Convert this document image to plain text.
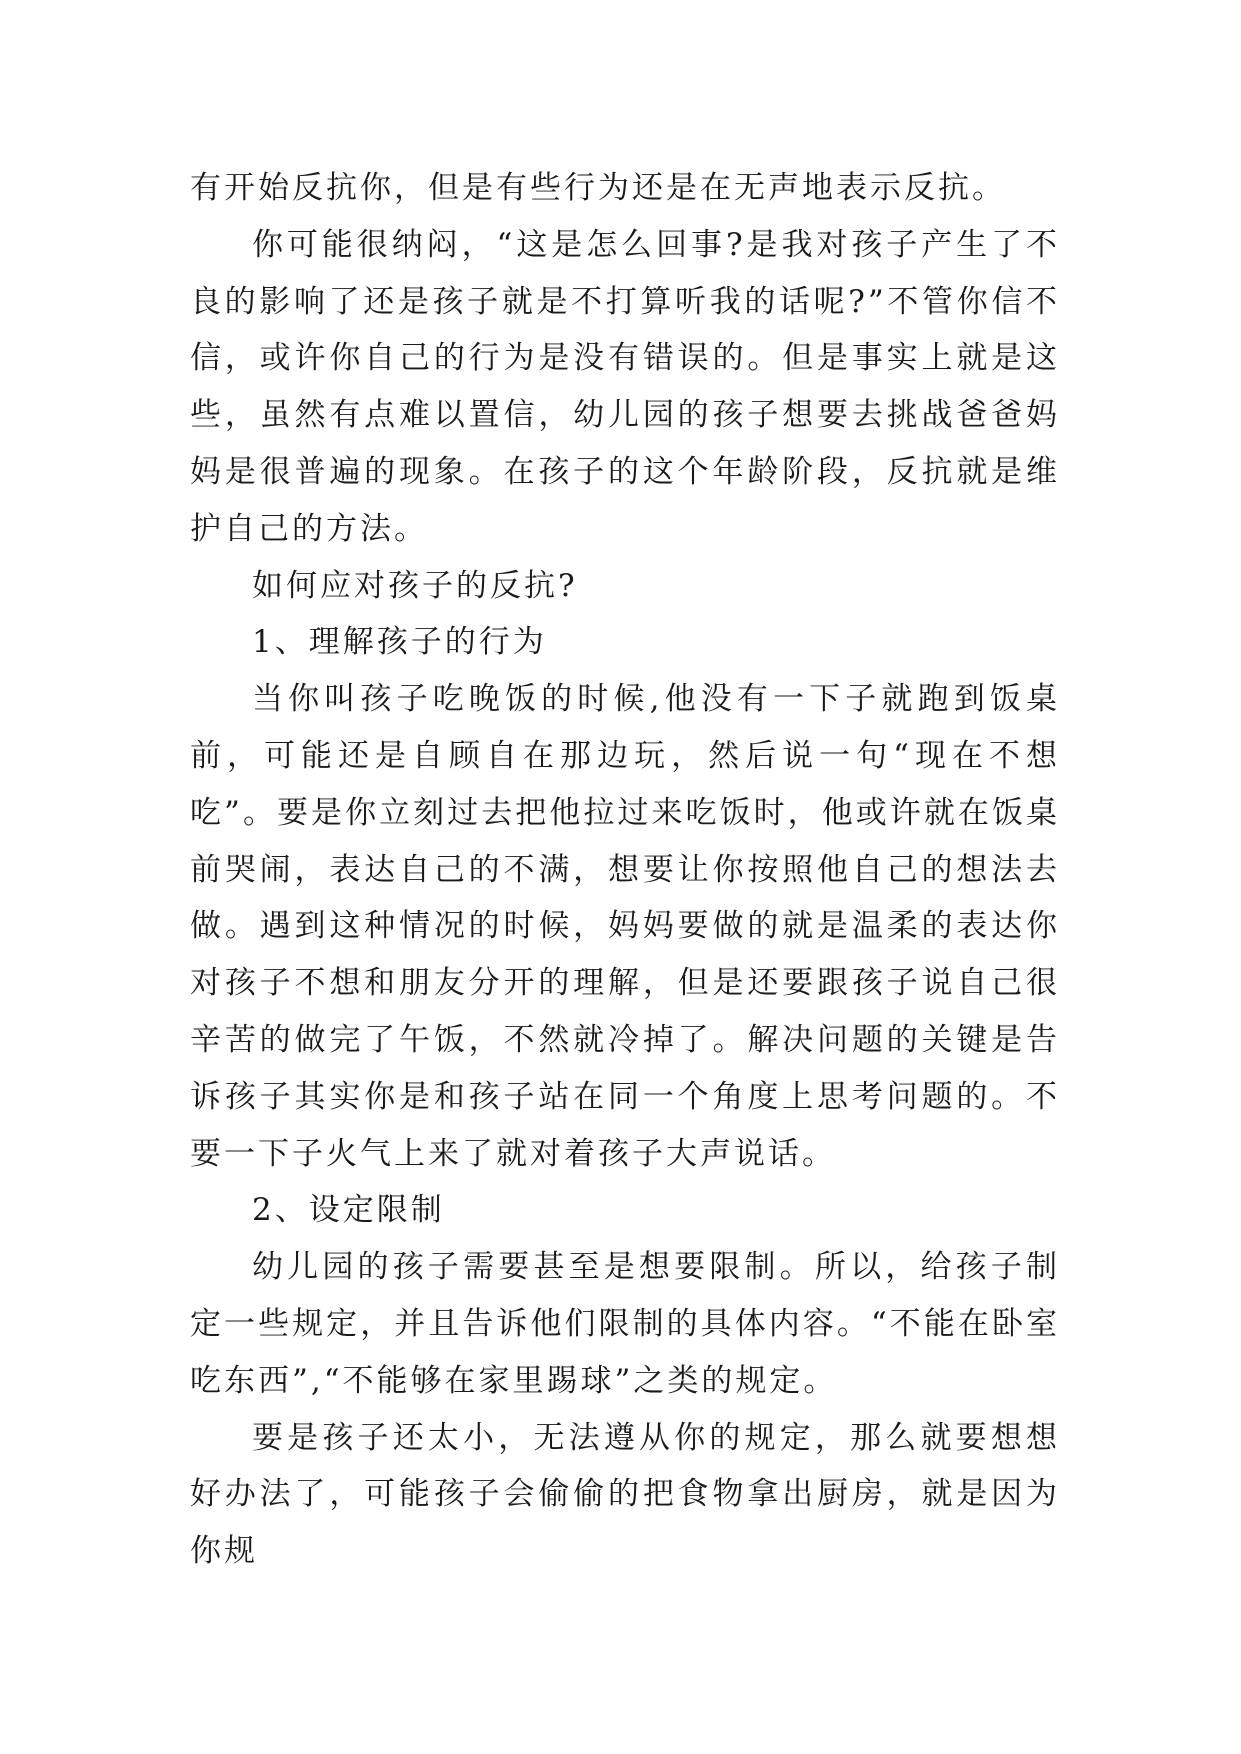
有开始反抗你，但是有些行为还是在无声地表示反抗。

你可能很纳闷，“这是怎么回事?是我对孩子产生了不良的影响了还是孩子就是不打算听我的话呢?”不管你信不信，或许你自己的行为是没有错误的。但是事实上就是这些，虽然有点难以置信，幼儿园的孩子想要去挑战爸爸妈妈是很普遍的现象。在孩子的这个年龄阶段，反抗就是维护自己的方法。

如何应对孩子的反抗?

1、理解孩子的行为

当你叫孩子吃晚饭的时候,他没有一下子就跑到饭桌前，可能还是自顾自在那边玩，然后说一句“现在不想吃”。要是你立刻过去把他拉过来吃饭时，他或许就在饭桌前哭闹，表达自己的不满，想要让你按照他自己的想法去做。遇到这种情况的时候，妈妈要做的就是温柔的表达你对孩子不想和朋友分开的理解，但是还要跟孩子说自己很辛苦的做完了午饭，不然就冷掉了。解决问题的关键是告诉孩子其实你是和孩子站在同一个角度上思考问题的。不要一下子火气上来了就对着孩子大声说话。

2、设定限制

幼儿园的孩子需要甚至是想要限制。所以，给孩子制定一些规定，并且告诉他们限制的具体内容。“不能在卧室吃东西”,“不能够在家里踢球”之类的规定。

要是孩子还太小，无法遵从你的规定，那么就要想想好办法了，可能孩子会偷偷的把食物拿出厨房，就是因为你规
